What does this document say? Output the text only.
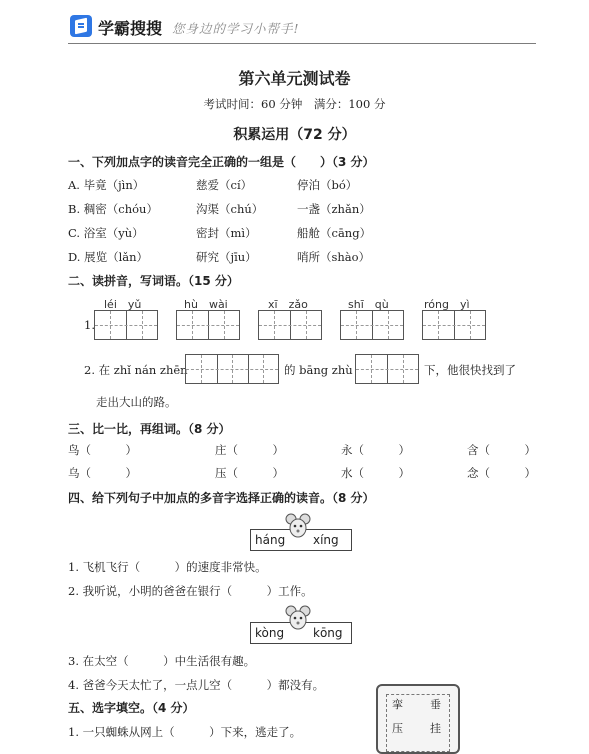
学霸搜搜 您身边的学习小帮手!
第六单元测试卷
考试时间：60 分钟　满分：100 分
积累运用（72 分）
一、下列加点字的读音完全正确的一组是（　　）（3 分）
A. 毕竟（jìn）	慈爱（cí）	停泊（bó）
B. 稠密（chóu）	沟渠（chú）	一盏（zhǎn）
C. 浴室（yù）	密封（mì）	船舱（cāng）
D. 展览（lǎn）	研究（jīu）	哨所（shào）
二、读拼音，写词语。（15 分）
léi　yǔ	hù　wài	xī　zǎo	shī　qù	róng　yì
1.
2. 在 zhǐ nán zhēn	的 bāng zhù	下，他很快找到了
走出大山的路。
三、比一比，再组词。（8 分）
鸟（　　　）	庄（　　　）	永（　　　）	含（　　　）
乌（　　　）	压（　　　）	水（　　　）	念（　　　）
四、给下列句子中加点的多音字选择正确的读音。（8 分）
háng xíng
1. 飞机飞行（　　　）的速度非常快。
2. 我听说，小明的爸爸在银行（　　　）工作。
kòng kōng
3. 在太空（　　　）中生活很有趣。
4. 爸爸今天太忙了，一点儿空（　　　）都没有。
五、选字填空。（4 分）
1. 一只蜘蛛从网上（　　　）下来，逃走了。
挛 垂
压 挂
